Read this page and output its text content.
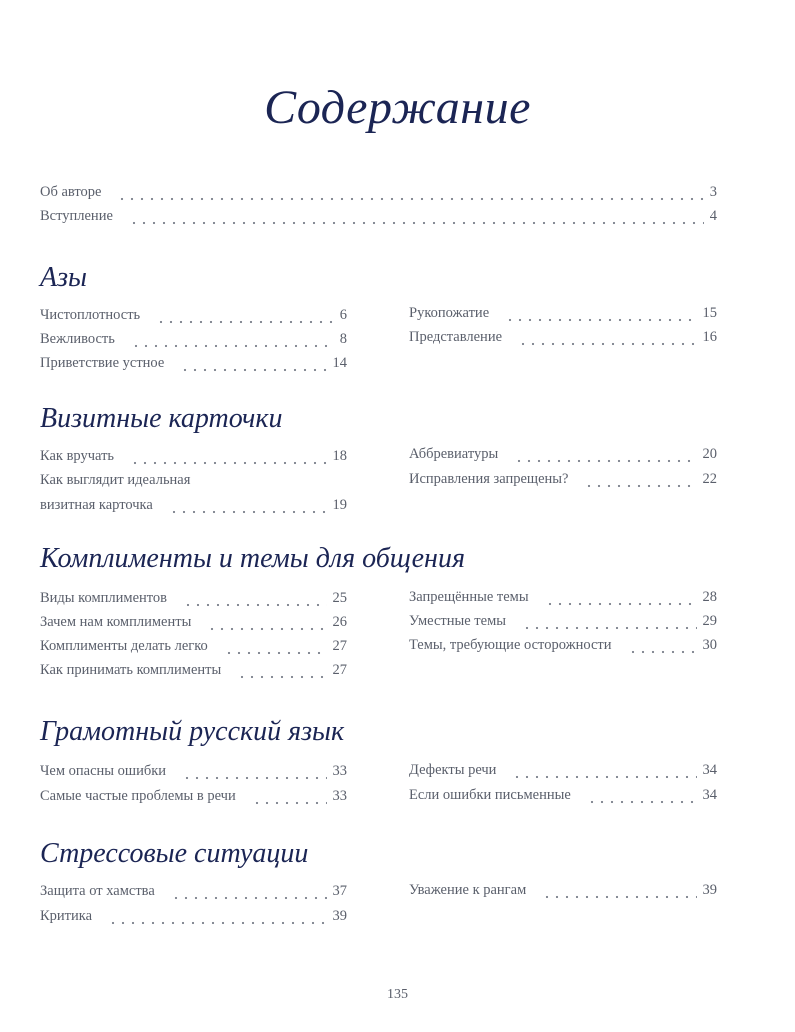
Содержание
Об авторе	3
Вступление	4
Азы
Чистоплотность	6
Вежливость	8
Приветствие устное	14
Рукопожатие	15
Представление	16
Визитные карточки
Как вручать	18
Как выглядит идеальная
визитная карточка	19
Аббревиатуры	20
Исправления запрещены?	22
Комплименты и темы для общения
Виды комплиментов	25
Зачем нам комплименты	26
Комплименты делать легко	27
Как принимать комплименты	27
Запрещённые темы	28
Уместные темы	29
Темы, требующие осторожности	30
Грамотный русский язык
Чем опасны ошибки	33
Самые частые проблемы в речи	33
Дефекты речи	34
Если ошибки письменные	34
Стрессовые ситуации
Защита от хамства	37
Критика	39
Уважение к рангам	39
135
